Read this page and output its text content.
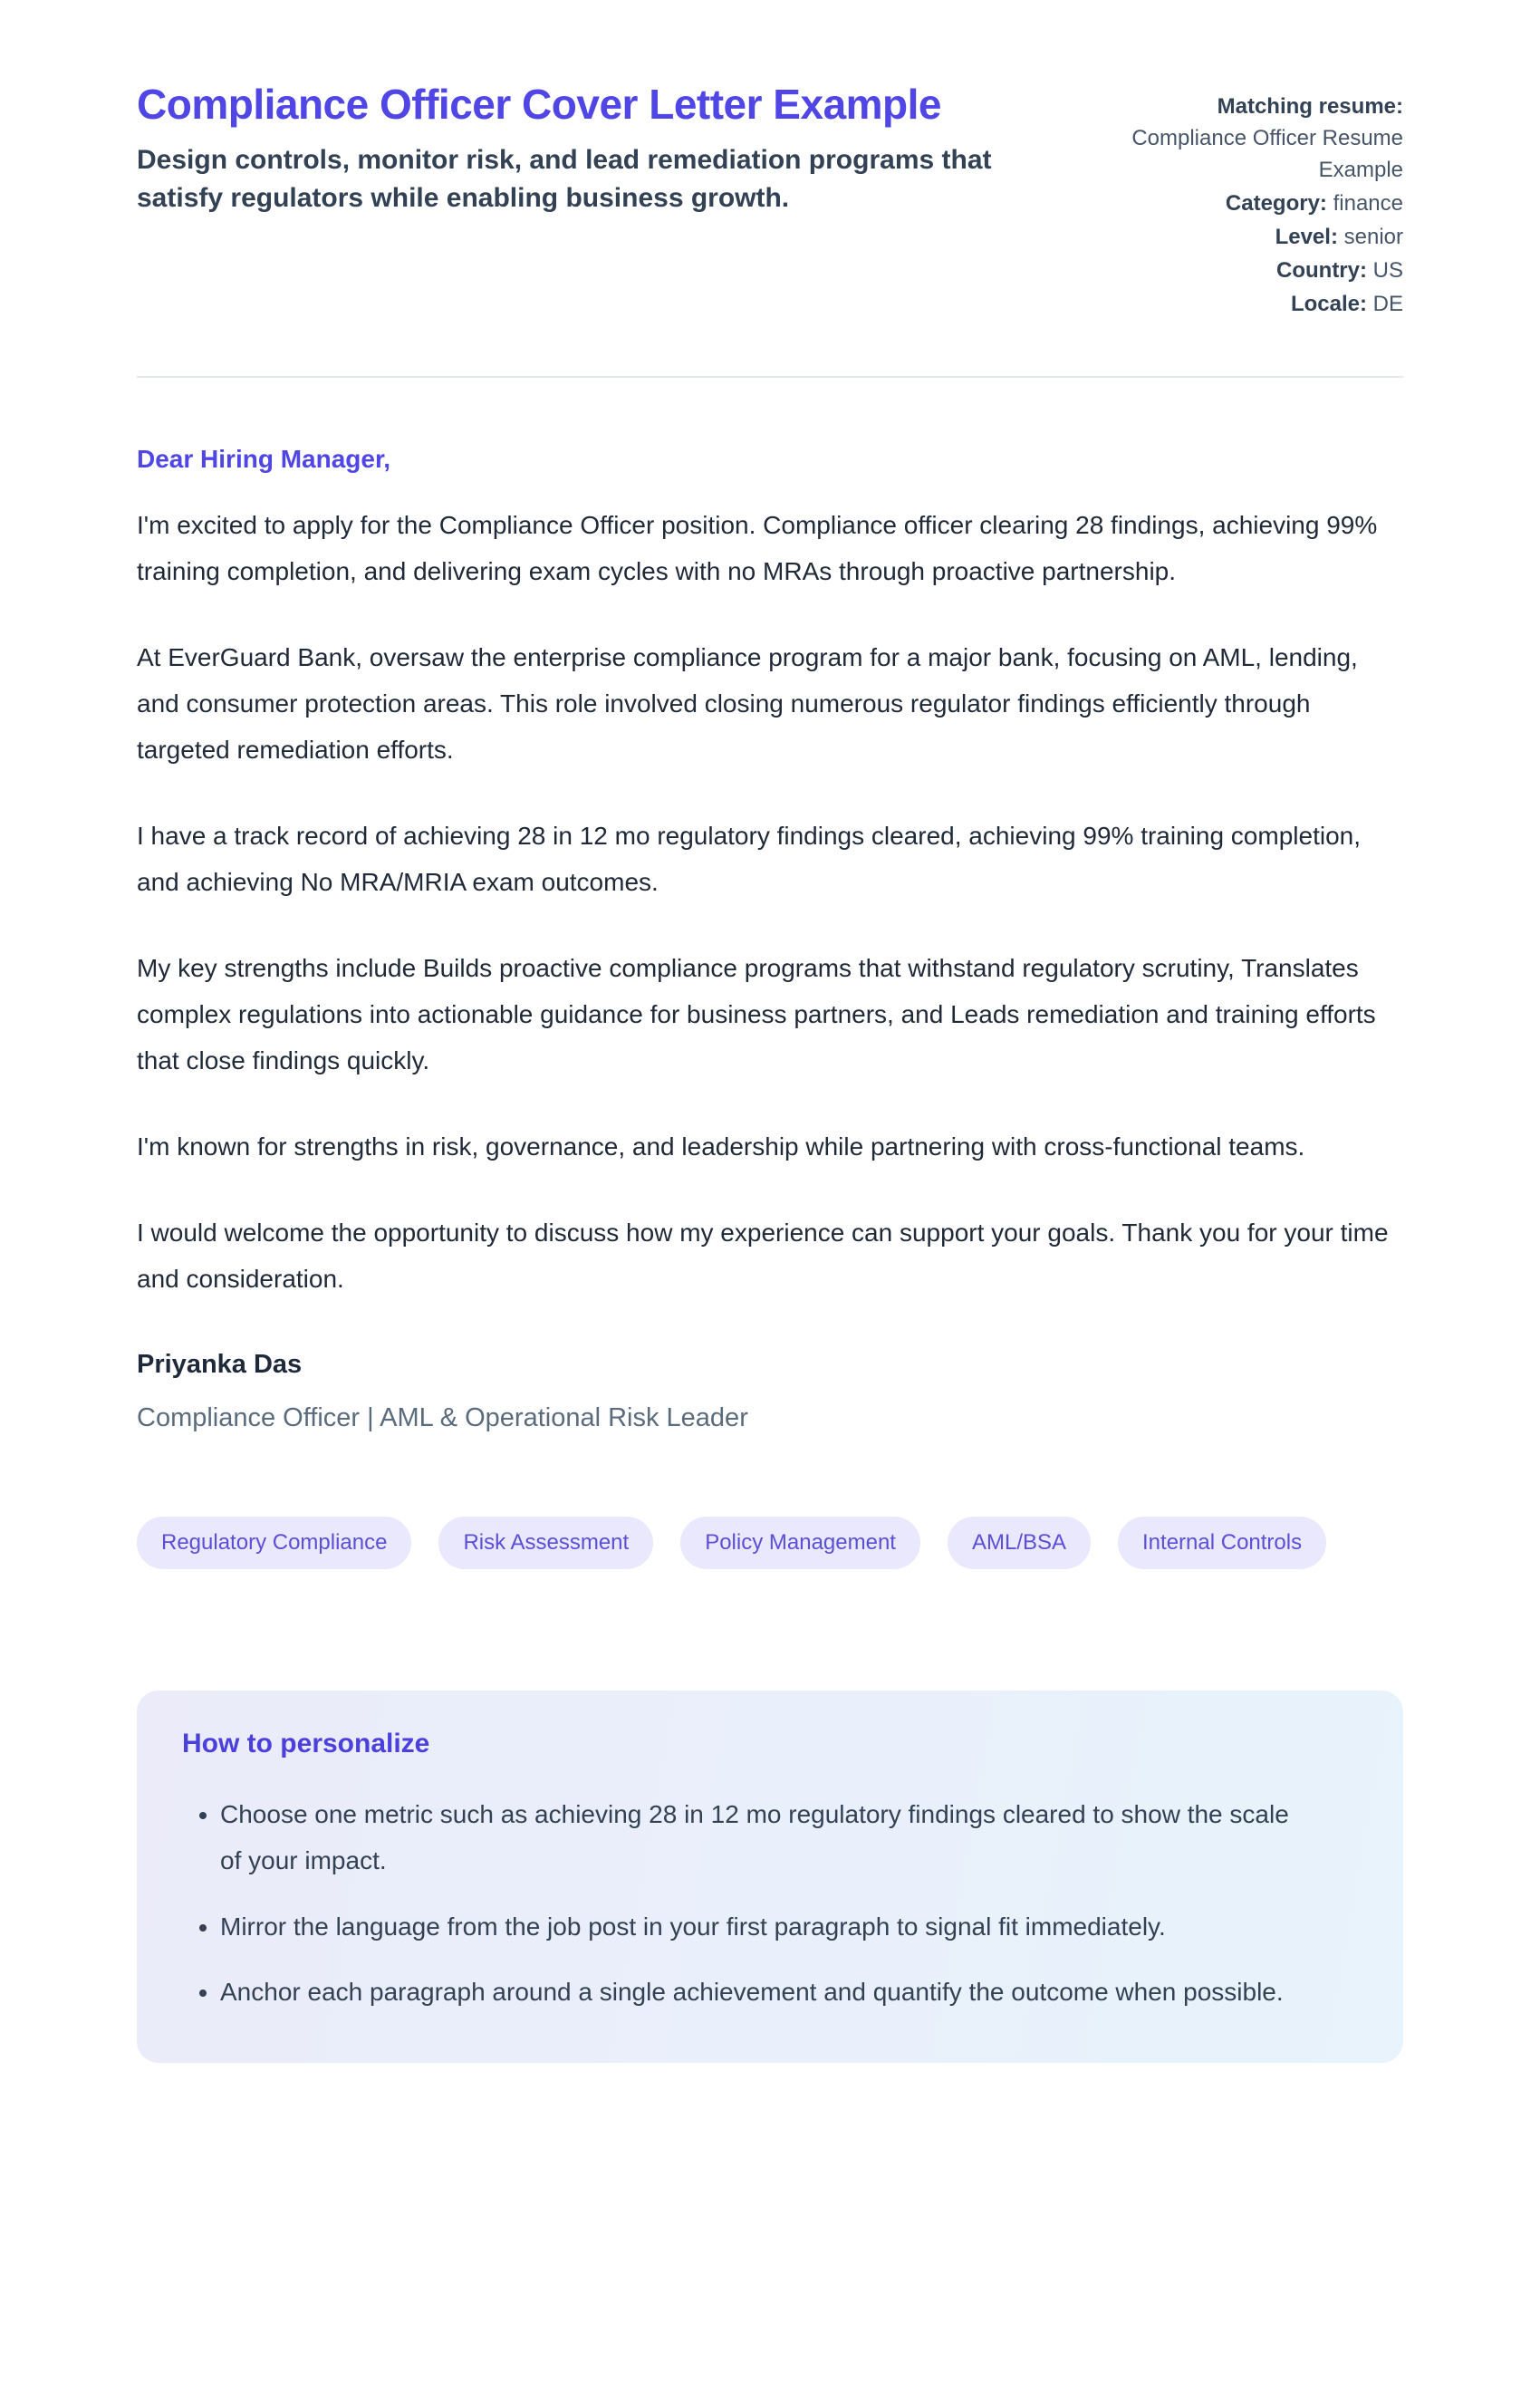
Compliance Officer Cover Letter Example
Design controls, monitor risk, and lead remediation programs that satisfy regulators while enabling business growth.
Matching resume: Compliance Officer Resume Example
Category: finance
Level: senior
Country: US
Locale: DE
Dear Hiring Manager,

I'm excited to apply for the Compliance Officer position. Compliance officer clearing 28 findings, achieving 99% training completion, and delivering exam cycles with no MRAs through proactive partnership.

At EverGuard Bank, oversaw the enterprise compliance program for a major bank, focusing on AML, lending, and consumer protection areas. This role involved closing numerous regulator findings efficiently through targeted remediation efforts.

I have a track record of achieving 28 in 12 mo regulatory findings cleared, achieving 99% training completion, and achieving No MRA/MRIA exam outcomes.

My key strengths include Builds proactive compliance programs that withstand regulatory scrutiny, Translates complex regulations into actionable guidance for business partners, and Leads remediation and training efforts that close findings quickly.

I'm known for strengths in risk, governance, and leadership while partnering with cross-functional teams.

I would welcome the opportunity to discuss how my experience can support your goals. Thank you for your time and consideration.

Priyanka Das
Compliance Officer | AML & Operational Risk Leader
Regulatory Compliance	Risk Assessment	Policy Management	AML/BSA	Internal Controls
How to personalize
• Choose one metric such as achieving 28 in 12 mo regulatory findings cleared to show the scale of your impact.
• Mirror the language from the job post in your first paragraph to signal fit immediately.
• Anchor each paragraph around a single achievement and quantify the outcome when possible.
